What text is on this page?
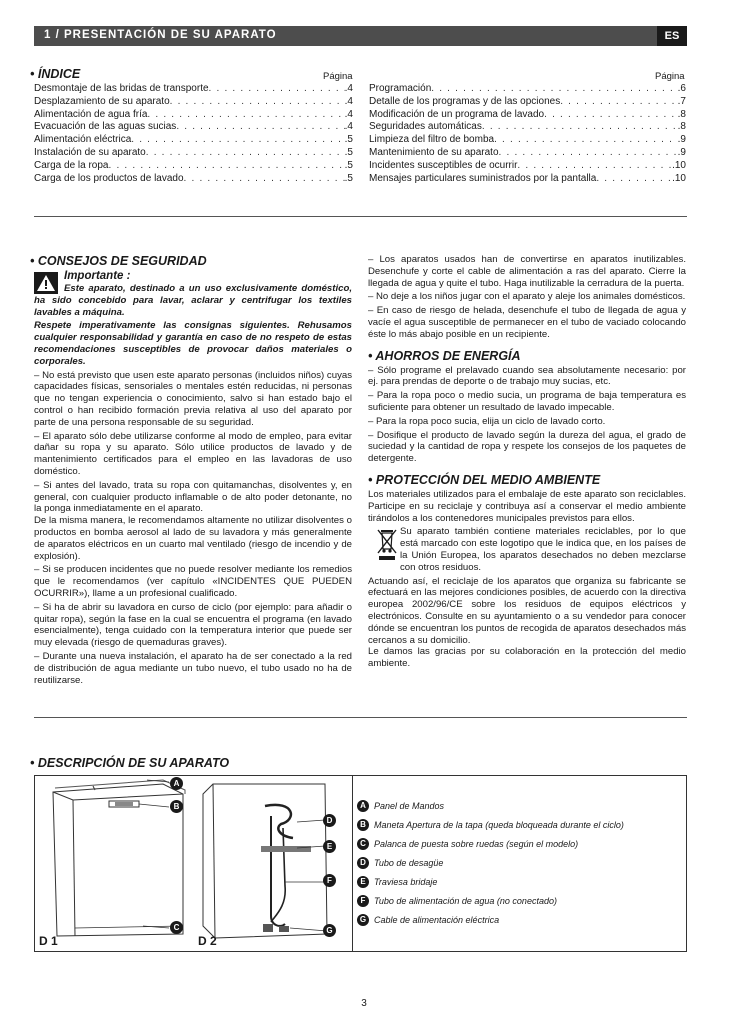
1 / PRESENTACIÓN DE SU APARATO	ES
• ÍNDICE	Página	Página
Desmontaje de las bridas de transporte . . .	.4
Desplazamiento de su aparato . . .	.4
Alimentación de agua fría . . .	.4
Evacuación de las aguas sucias . . .	.4
Alimentación eléctrica . . .	.5
Instalación de su aparato . . .	.5
Carga de la ropa . . .	.5
Carga de los productos de lavado . . .	.5
Programación . . .	.6
Detalle de los programas y de las opciones . . .	.7
Modificación de un programa de lavado . . .	.8
Seguridades automáticas . . .	.8
Limpieza del filtro de bomba . . .	.9
Mantenimiento de su aparato . . .	.9
Incidentes susceptibles de ocurrir . . .	.10
Mensajes particulares suministrados por la pantalla . . .	.10
• CONSEJOS DE SEGURIDAD
Importante :
Este aparato, destinado a un uso exclusivamente doméstico, ha sido concebido para lavar, aclarar y centrifugar los textiles lavables a máquina.
Respete imperativamente las consignas siguientes. Rehusamos cualquier responsabilidad y garantía en caso de no respeto de estas recomendaciones susceptibles de provocar daños materiales o corporales.
– No está previsto que usen este aparato personas (incluidos niños) cuyas capacidades físicas, sensoriales o mentales estén reducidas, ni personas que no tengan experiencia o conocimiento, salvo si han estado bajo el control o han recibido formación previa relativa al uso del aparato por parte de una persona responsable de su seguridad.
– El aparato sólo debe utilizarse conforme al modo de empleo, para evitar dañar su ropa y su aparato. Sólo utilice productos de lavado y de mantenimiento certificados para el empleo en las lavadoras de uso doméstico.
– Si antes del lavado, trata su ropa con quitamanchas, disolventes y, en general, con cualquier producto inflamable o de alto poder detonante, no la ponga inmediatamente en el aparato.
De la misma manera, le recomendamos altamente no utilizar disolventes o productos en bomba aerosol al lado de su lavadora y más generalmente de aparatos eléctricos en un cuarto mal ventilado (riesgo de incendio y de explosión).
– Si se producen incidentes que no puede resolver mediante los remedios que le recomendamos (ver capítulo «INCIDENTES QUE PUEDEN OCURRIR»), llame a un profesional cualificado.
– Si ha de abrir su lavadora en curso de ciclo (por ejemplo: para añadir o quitar ropa), según la fase en la cual se encuentra el programa (en lavado esencialmente), tenga cuidado con la temperatura interior que puede ser muy elevada (riesgo de quemaduras graves).
– Durante una nueva instalación, el aparato ha de ser conectado a la red de distribución de agua mediante un tubo nuevo, el tubo usado no ha de reutilizarse.
– Los aparatos usados han de convertirse en aparatos inutilizables. Desenchufe y corte el cable de alimentación a ras del aparato. Cierre la llegada de agua y quite el tubo. Haga inutilizable la cerradura de la puerta.
– No deje a los niños jugar con el aparato y aleje los animales domésticos.
– En caso de riesgo de helada, desenchufe el tubo de llegada de agua y vacíe el agua susceptible de permanecer en el tubo de vaciado colocando éste lo más abajo posible en un recipiente.
• AHORROS DE ENERGÍA
– Sólo programe el prelavado cuando sea absolutamente necesario: por ej. para prendas de deporte o de trabajo muy sucias, etc.
– Para la ropa poco o medio sucia, un programa de baja temperatura es suficiente para obtener un resultado de lavado impecable.
– Para la ropa poco sucia, elija un ciclo de lavado corto.
– Dosifique el producto de lavado según la dureza del agua, el grado de suciedad y la cantidad de ropa y respete los consejos de los paquetes de detergente.
• PROTECCIÓN DEL MEDIO AMBIENTE
Los materiales utilizados para el embalaje de este aparato son reciclables. Participe en su reciclaje y contribuya así a conservar el medio ambiente tirándolos a los contenedores municipales previstos para ellos.
Su aparato también contiene materiales reciclables, por lo que está marcado con este logotipo que le indica que, en los países de la Unión Europea, los aparatos desechados no deben mezclarse con otros residuos.
Actuando así, el reciclaje de los aparatos que organiza su fabricante se efectuará en las mejores condiciones posibles, de acuerdo con la directiva europea 2002/96/CE sobre los residuos de equipos eléctricos y electrónicos. Consulte en su ayuntamiento o a su vendedor para conocer dónde se encuentran los puntos de recogida de aparatos desechados más cercanos a su domicilio.
Le damos las gracias por su colaboración en la protección del medio ambiente.
• DESCRIPCIÓN DE SU APARATO
A
B
C
D
E
F
G
D 1	D 2
A Panel de Mandos
B Maneta Apertura de la tapa (queda bloqueada durante el ciclo)
C Palanca de puesta sobre ruedas (según el modelo)
D Tubo de desagüe
E Traviesa bridaje
F Tubo de alimentación de agua (no conectado)
G Cable de alimentación eléctrica
3
